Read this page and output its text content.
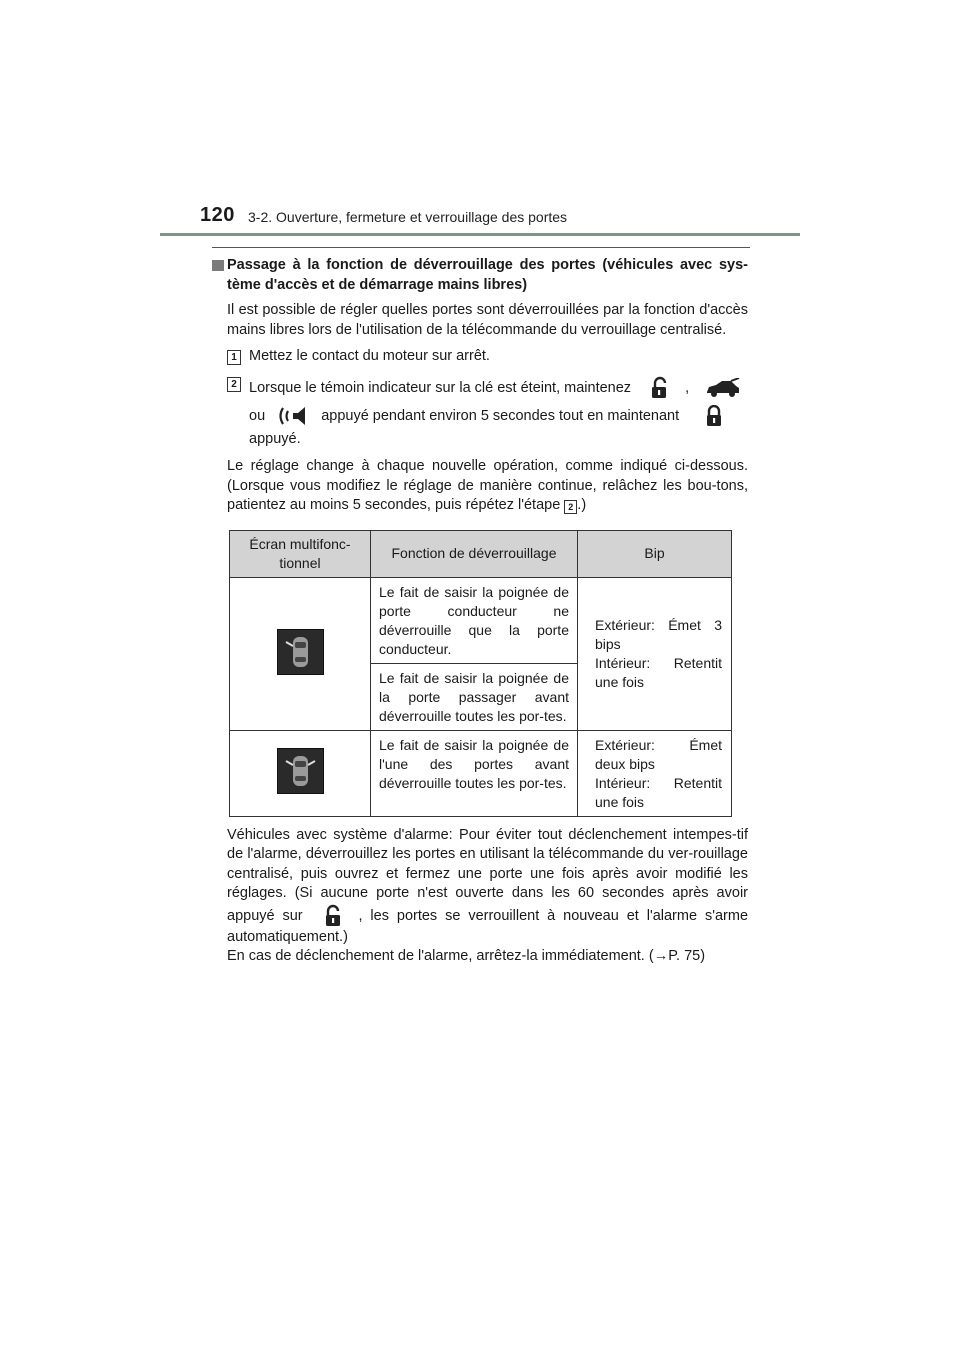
120 3-2. Ouverture, fermeture et verrouillage des portes
Passage à la fonction de déverrouillage des portes (véhicules avec sys-tème d'accès et de démarrage mains libres)

Il est possible de régler quelles portes sont déverrouillées par la fonction d'accès mains libres lors de l'utilisation de la télécommande du verrouillage centralisé.

1 Mettez le contact du moteur sur arrêt.
2 Lorsque le témoin indicateur sur la clé est éteint, maintenez	,

ou	appuyé pendant environ 5 secondes tout en maintenant

appuyé.

Le réglage change à chaque nouvelle opération, comme indiqué ci-dessous. (Lorsque vous modifiez le réglage de manière continue, relâchez les bou-tons, patientez au moins 5 secondes, puis répétez l'étape 2 .)

Écran multifonc-tionnel	Fonction de déverrouillage	Bip
	Le fait de saisir la poignée de porte conducteur ne déverrouille que la porte conducteur.	Extérieur: Émet 3 bips
Intérieur: Retentit une fois

	Le fait de saisir la poignée de la porte passager avant déverrouille toutes les por-tes.	
	Le fait de saisir la poignée de l'une des portes avant déverrouille toutes les por-tes.	Extérieur: Émet deux bips
Intérieur: Retentit une fois

Véhicules avec système d'alarme: Pour éviter tout déclenchement intempes-tif de l'alarme, déverrouillez les portes en utilisant la télécommande du ver-rouillage centralisé, puis ouvrez et fermez une porte une fois après avoir modifié les réglages. (Si aucune porte n'est ouverte dans les 60 secondes après avoir appuyé sur	, les portes se verrouillent à nouveau et l'alarme s'arme automatiquement.)

En cas de déclenchement de l'alarme, arrêtez-la immédiatement. (→P. 75)
